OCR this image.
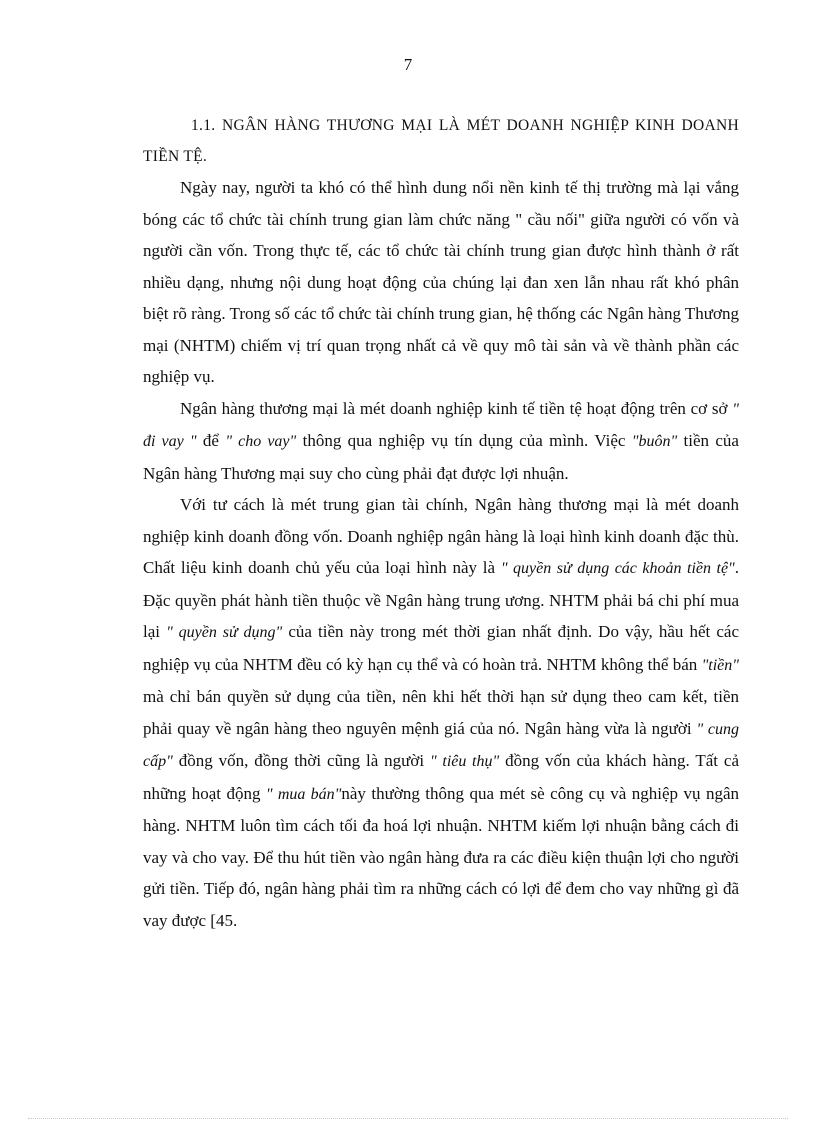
7
1.1. NGÂN HÀNG THƯƠNG MẠI LÀ MÉT DOANH NGHIỆP KINH DOANH TIỀN TỆ.

Ngày nay, người ta khó có thể hình dung nổi nền kinh tế thị trường mà lại vắng bóng các tổ chức tài chính trung gian làm chức năng " cầu nối" giữa người có vốn và người cần vốn. Trong thực tế, các tổ chức tài chính trung gian được hình thành ở rất nhiều dạng, nhưng nội dung hoạt động của chúng lại đan xen lẫn nhau rất khó phân biệt rõ ràng. Trong số các tổ chức tài chính trung gian, hệ thống các Ngân hàng Thương mại (NHTM) chiếm vị trí quan trọng nhất cả về quy mô tài sản và về thành phần các nghiệp vụ.

Ngân hàng thương mại là mét doanh nghiệp kinh tế tiền tệ hoạt động trên cơ sở " đi vay " để " cho vay" thông qua nghiệp vụ tín dụng của mình. Việc "buôn" tiền của Ngân hàng Thương mại suy cho cùng phải đạt được lợi nhuận.

Với tư cách là mét trung gian tài chính, Ngân hàng thương mại là mét doanh nghiệp kinh doanh đồng vốn. Doanh nghiệp ngân hàng là loại hình kinh doanh đặc thù. Chất liệu kinh doanh chủ yếu của loại hình này là " quyền sử dụng các khoản tiền tệ". Đặc quyền phát hành tiền thuộc về Ngân hàng trung ương. NHTM phải bá chi phí mua lại " quyền sử dụng" của tiền này trong mét thời gian nhất định. Do vậy, hầu hết các nghiệp vụ của NHTM đều có kỳ hạn cụ thể và có hoàn trả. NHTM không thể bán "tiền" mà chỉ bán quyền sử dụng của tiền, nên khi hết thời hạn sử dụng theo cam kết, tiền phải quay về ngân hàng theo nguyên mệnh giá của nó. Ngân hàng vừa là người " cung cấp" đồng vốn, đồng thời cũng là người " tiêu thụ" đồng vốn của khách hàng. Tất cả những hoạt động " mua bán"này thường thông qua mét sè công cụ và nghiệp vụ ngân hàng. NHTM luôn tìm cách tối đa hoá lợi nhuận. NHTM kiếm lợi nhuận bằng cách đi vay và cho vay. Để thu hút tiền vào ngân hàng đưa ra các điều kiện thuận lợi cho người gửi tiền. Tiếp đó, ngân hàng phải tìm ra những cách có lợi để đem cho vay những gì đã vay được [45.
